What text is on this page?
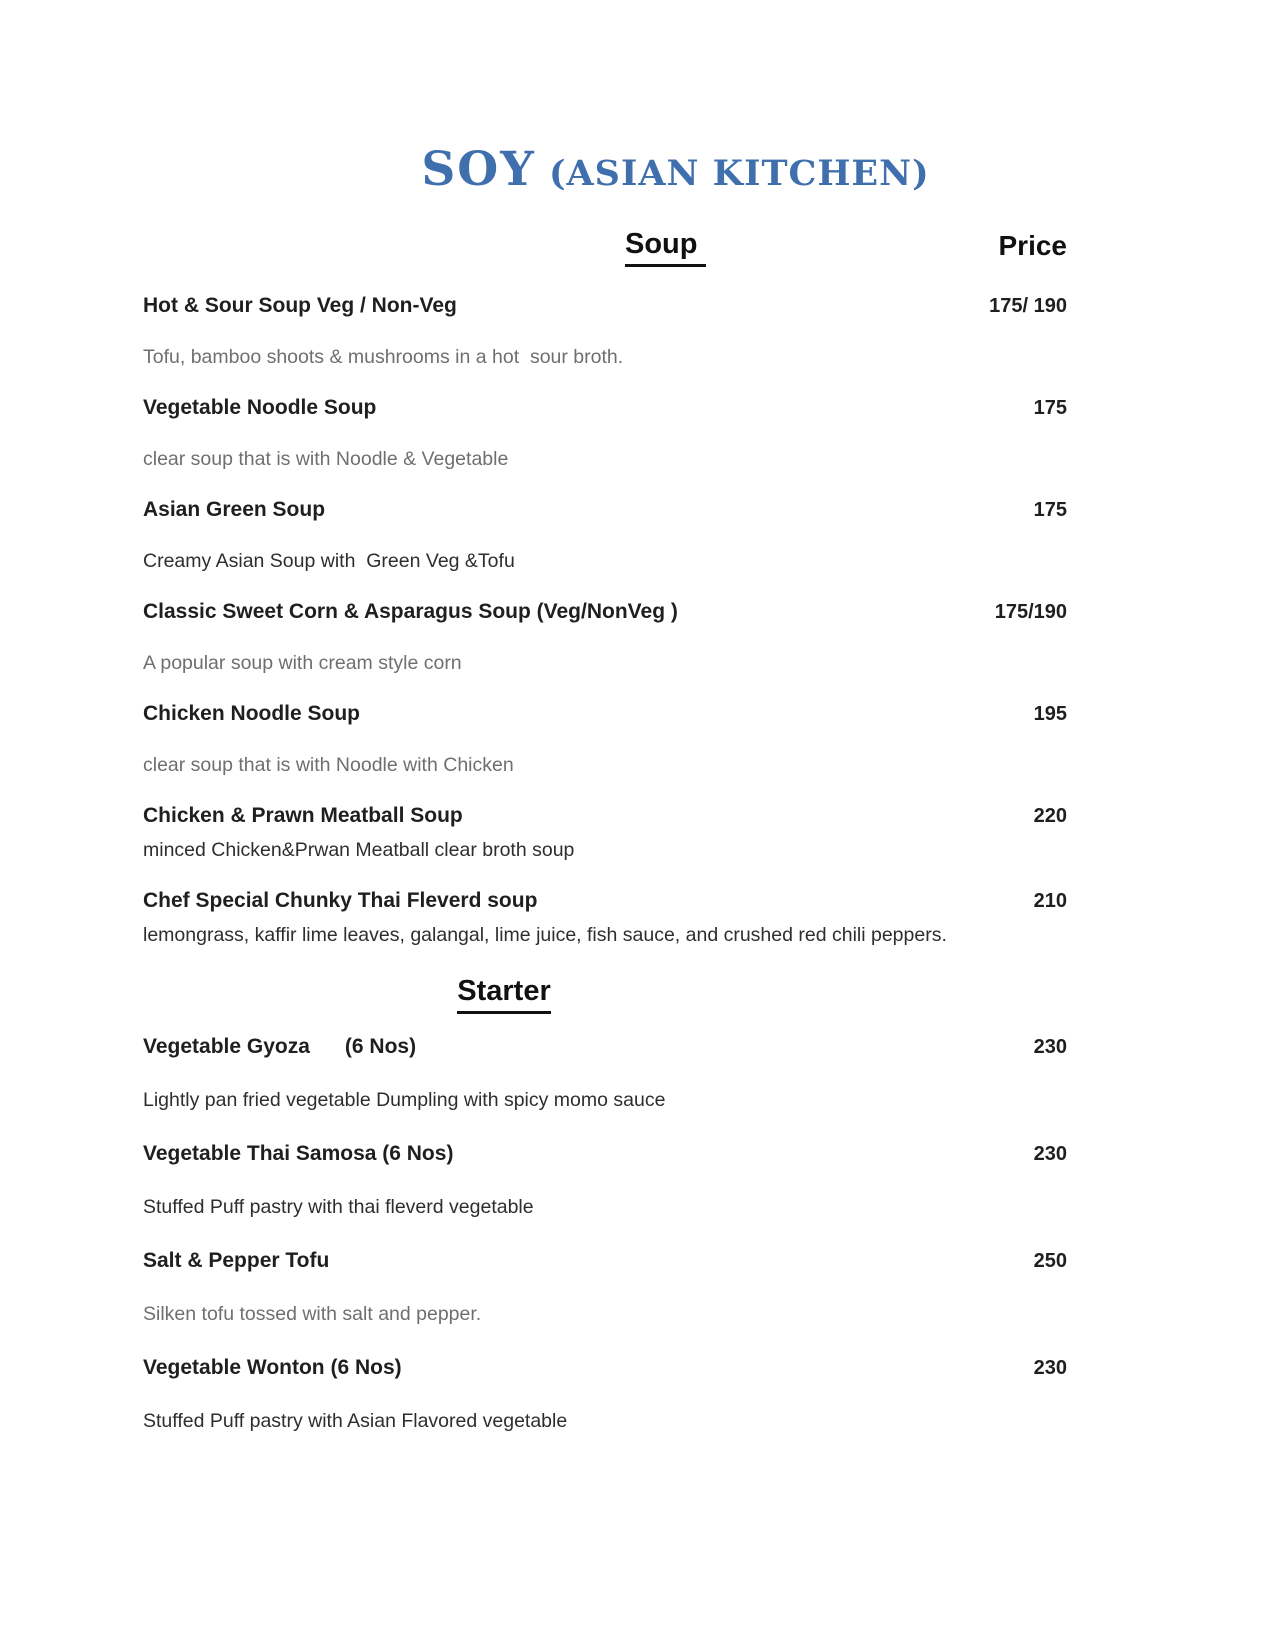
SOY (ASIAN KITCHEN)
Soup	Price
Hot & Sour Soup Veg / Non-Veg	175/ 190
Tofu, bamboo shoots & mushrooms in a hot  sour broth.
Vegetable Noodle Soup	175
clear soup that is with Noodle & Vegetable
Asian Green Soup	175
Creamy Asian Soup with  Green Veg &Tofu
Classic Sweet Corn & Asparagus Soup (Veg/NonVeg )	175/190
A popular soup with cream style corn
Chicken Noodle Soup	195
clear soup that is with Noodle with Chicken
Chicken & Prawn Meatball Soup	220
minced Chicken&Prwan Meatball clear broth soup
Chef Special Chunky Thai Fleverd soup	210
lemongrass, kaffir lime leaves, galangal, lime juice, fish sauce, and crushed red chili peppers.
Starter
Vegetable Gyoza      (6 Nos)	230
Lightly pan fried vegetable Dumpling with spicy momo sauce
Vegetable Thai Samosa (6 Nos)	230
Stuffed Puff pastry with thai fleverd vegetable
Salt & Pepper Tofu	250
Silken tofu tossed with salt and pepper.
Vegetable Wonton (6 Nos)	230
Stuffed Puff pastry with Asian Flavored vegetable
